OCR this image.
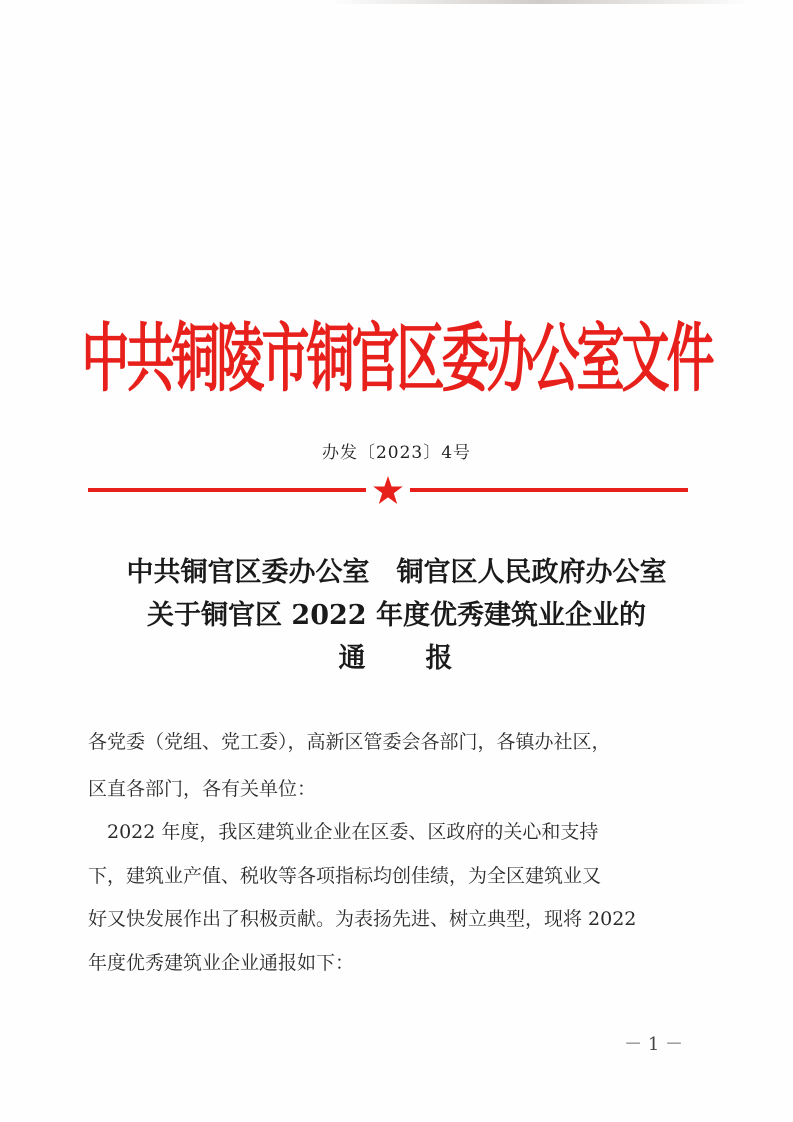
中共铜陵市铜官区委办公室文件
办发〔2023〕4号
中共铜官区委办公室　铜官区人民政府办公室
关于铜官区 2022 年度优秀建筑业企业的
通　　报
各党委（党组、党工委），高新区管委会各部门，各镇办社区，
区直各部门，各有关单位：
　2022 年度，我区建筑业企业在区委、区政府的关心和支持
下，建筑业产值、税收等各项指标均创佳绩，为全区建筑业又
好又快发展作出了积极贡献。为表扬先进、树立典型，现将 2022
年度优秀建筑业企业通报如下：
－ 1 －
